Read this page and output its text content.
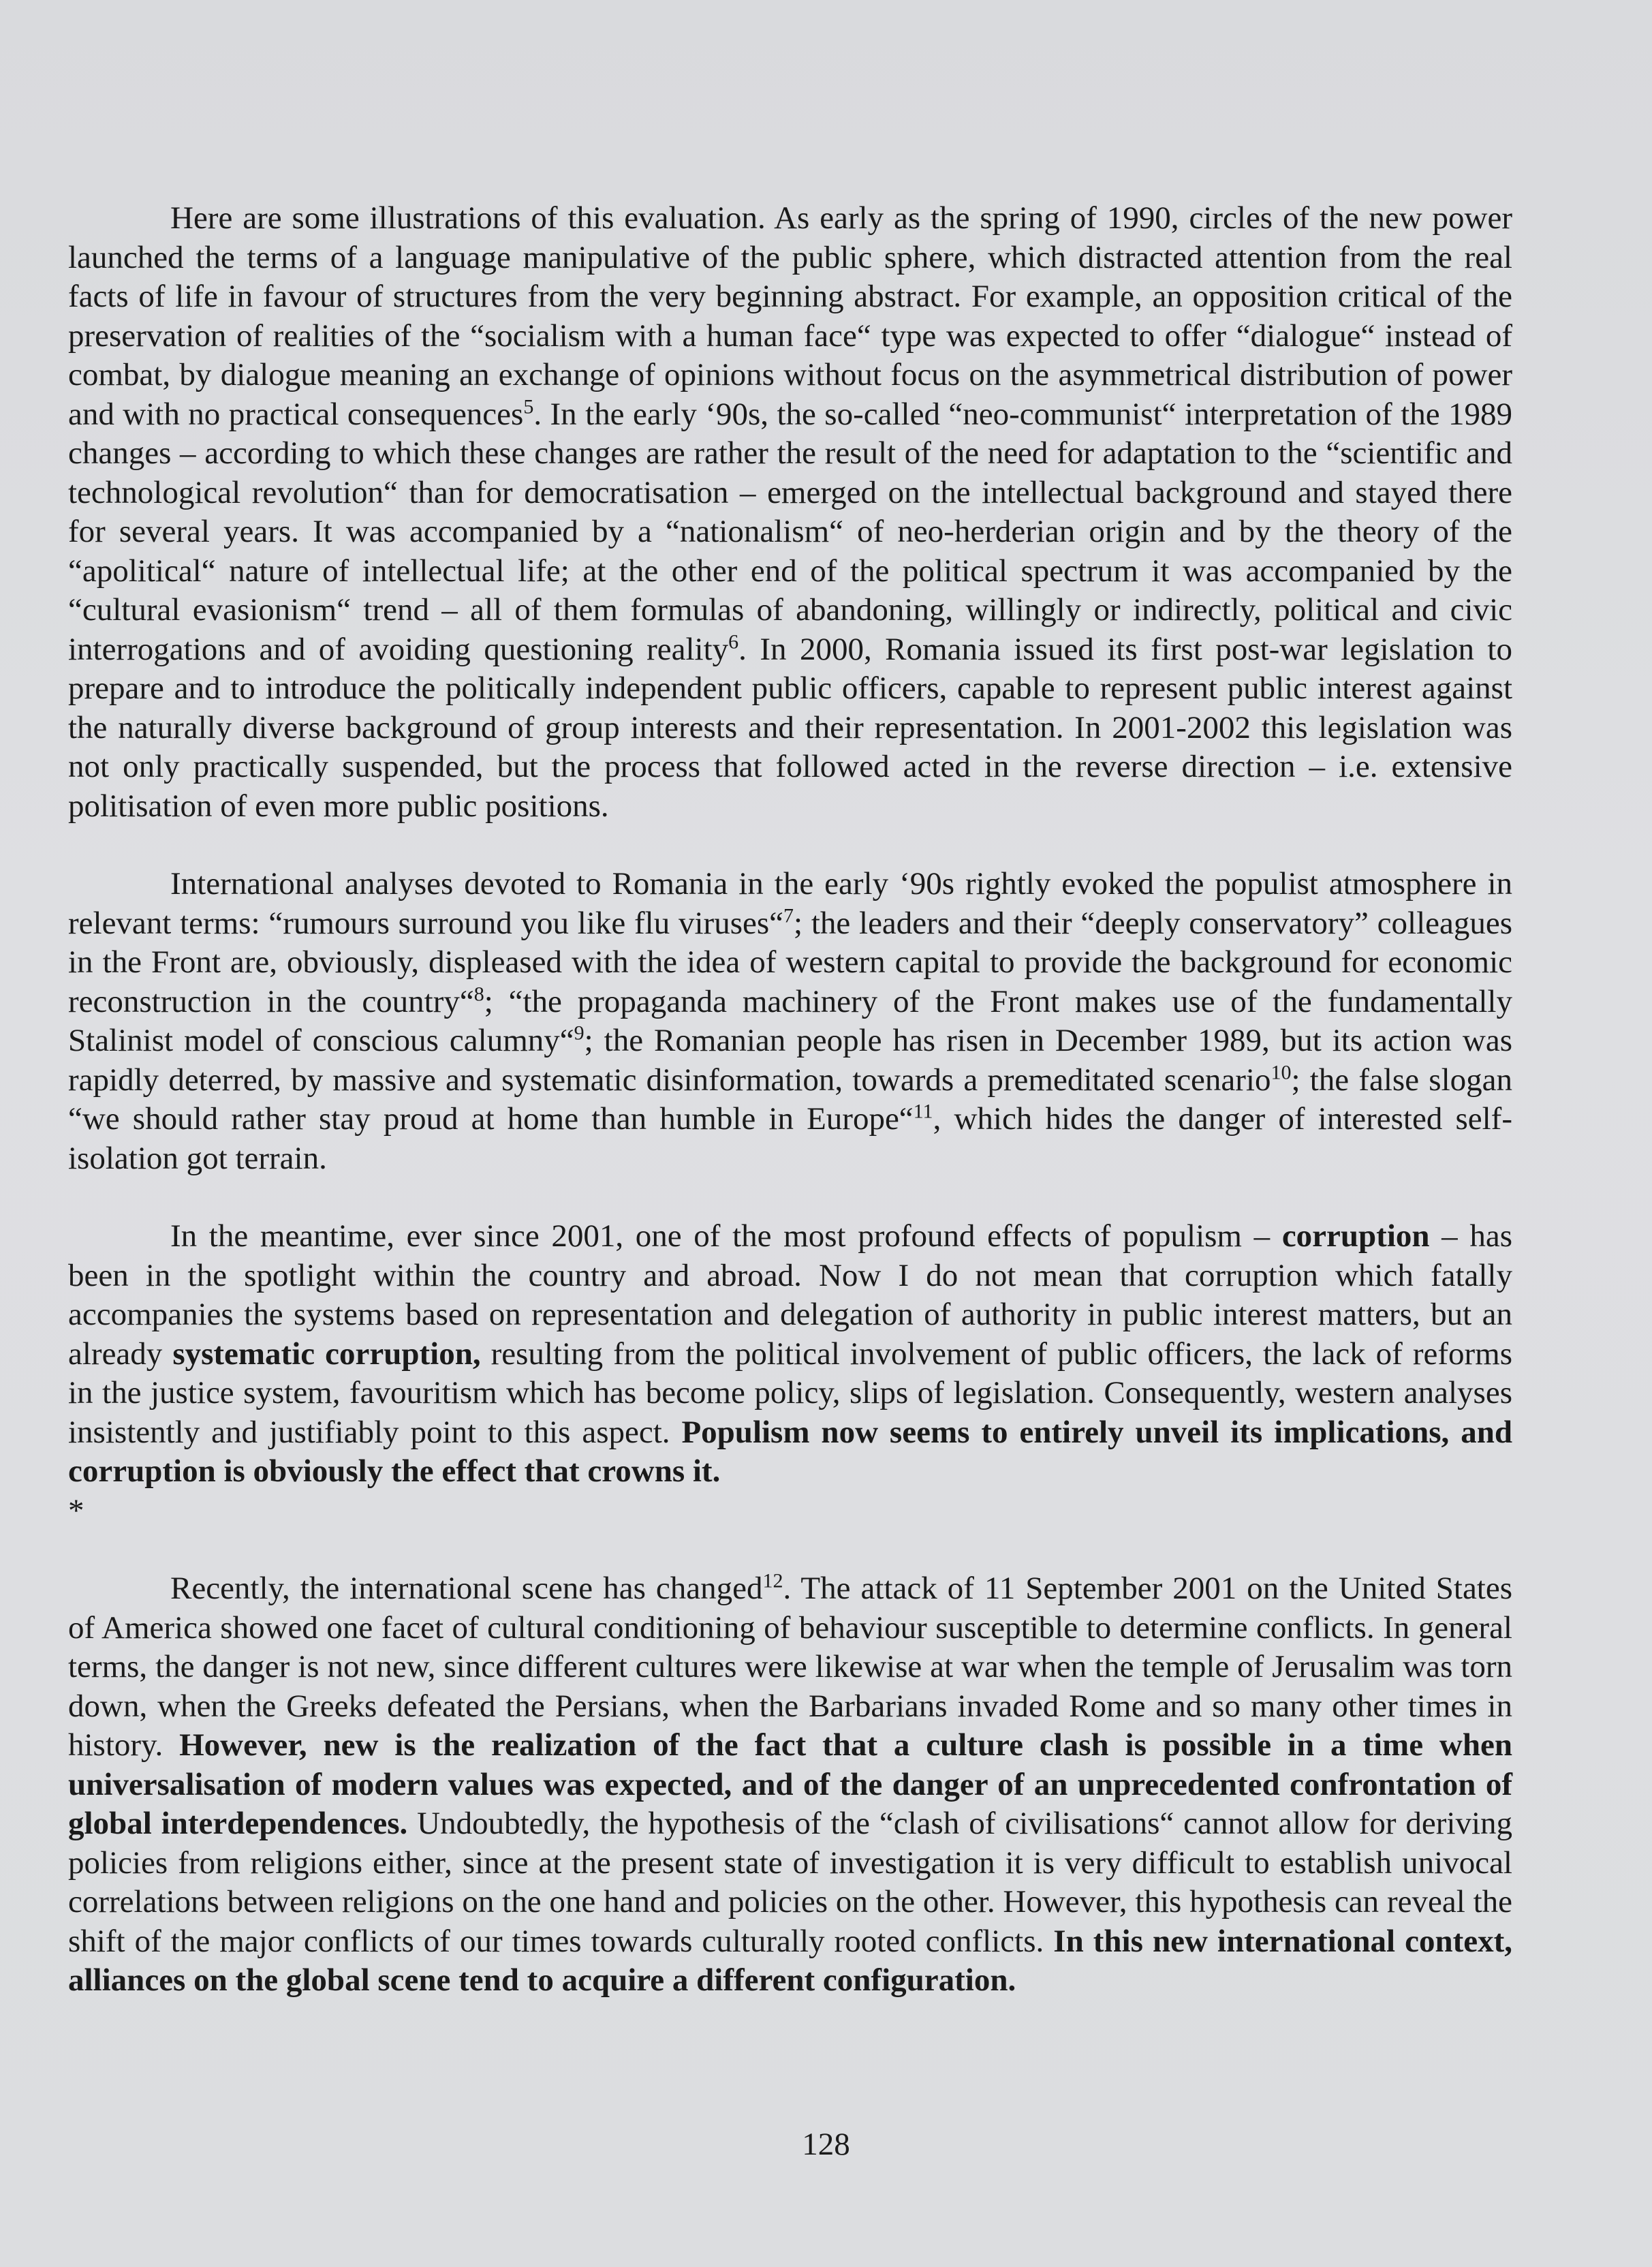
Here are some illustrations of this evaluation. As early as the spring of 1990, circles of the new power launched the terms of a language manipulative of the public sphere, which distracted attention from the real facts of life in favour of structures from the very beginning abstract. For example, an opposition critical of the preservation of realities of the “socialism with a human face“ type was expected to offer “dialogue“ instead of combat, by dialogue meaning an exchange of opinions without focus on the asymmetrical distribution of power and with no practical consequences$^5$. In the early ‘90s, the so-called “neo-communist“ interpretation of the 1989 changes – according to which these changes are rather the result of the need for adaptation to the “scientific and technological revolution“ than for democratisation – emerged on the intellectual background and stayed there for several years. It was accompanied by a “nationalism“ of neo-herderian origin and by the theory of the “apolitical“ nature of intellectual life; at the other end of the political spectrum it was accompanied by the “cultural evasionism“ trend – all of them formulas of abandoning, willingly or indirectly, political and civic interrogations and of avoiding questioning reality$^6$. In 2000, Romania issued its first post-war legislation to prepare and to introduce the politically independent public officers, capable to represent public interest against the naturally diverse background of group interests and their representation. In 2001-2002 this legislation was not only practically suspended, but the process that followed acted in the reverse direction – i.e. extensive politisation of even more public positions.

International analyses devoted to Romania in the early ‘90s rightly evoked the populist atmosphere in relevant terms: “rumours surround you like flu viruses“$^7$; the leaders and their “deeply conservatory” colleagues in the Front are, obviously, displeased with the idea of western capital to provide the background for economic reconstruction in the country“$^8$; “the propaganda machinery of the Front makes use of the fundamentally Stalinist model of conscious calumny“$^9$; the Romanian people has risen in December 1989, but its action was rapidly deterred, by massive and systematic disinformation, towards a premeditated scenario$^{10}$; the false slogan “we should rather stay proud at home than humble in Europe“$^{11}$, which hides the danger of interested self-isolation got terrain.

In the meantime, ever since 2001, one of the most profound effects of populism – corruption – has been in the spotlight within the country and abroad. Now I do not mean that corruption which fatally accompanies the systems based on representation and delegation of authority in public interest matters, but an already systematic corruption, resulting from the political involvement of public officers, the lack of reforms in the justice system, favouritism which has become policy, slips of legislation. Consequently, western analyses insistently and justifiably point to this aspect. Populism now seems to entirely unveil its implications, and corruption is obviously the effect that crowns it.

*

Recently, the international scene has changed$^{12}$. The attack of 11 September 2001 on the United States of America showed one facet of cultural conditioning of behaviour susceptible to determine conflicts. In general terms, the danger is not new, since different cultures were likewise at war when the temple of Jerusalim was torn down, when the Greeks defeated the Persians, when the Barbarians invaded Rome and so many other times in history. However, new is the realization of the fact that a culture clash is possible in a time when universalisation of modern values was expected, and of the danger of an unprecedented confrontation of global interdependences. Undoubtedly, the hypothesis of the “clash of civilisations“ cannot allow for deriving policies from religions either, since at the present state of investigation it is very difficult to establish univocal correlations between religions on the one hand and policies on the other. However, this hypothesis can reveal the shift of the major conflicts of our times towards culturally rooted conflicts. In this new international context, alliances on the global scene tend to acquire a different configuration.

128
